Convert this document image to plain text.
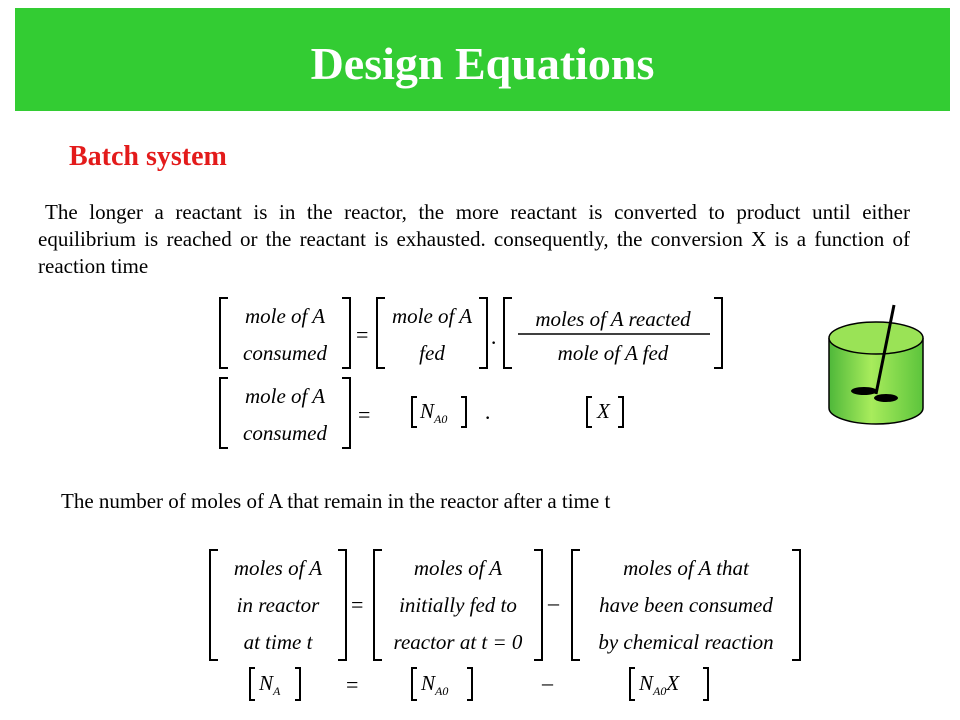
Design Equations
Batch system
The longer a reactant is in the reactor, the more reactant is converted to product until either equilibrium is reached or the reactant is exhausted. consequently, the conversion X is a function of reaction time
mole of A
consumed
=
mole of A
fed	·
moles of A reacted
mole of A fed
mole of A
consumed
= $N_{A0}$ ·	X
The number of moles of A that remain in the reactor after a time t
moles of A
in reactor
at time t
=
moles of A
initially fed to
reactor at t = 0
–
moles of A that
have been consumed
by chemical reaction
$N_A$	=	$N_{A0}$	–	$N_{A0}X$
